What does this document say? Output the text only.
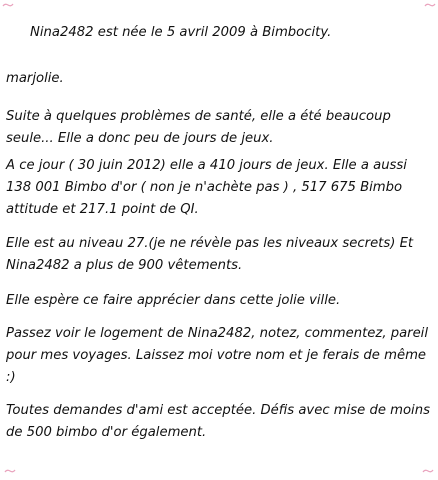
Nina2482 est née le 5 avril 2009 à Bimbocity.
marjolie.
Suite à quelques problèmes de santé, elle a été beaucoup seule... Elle a donc peu de jours de jeux.
A ce jour ( 30 juin 2012) elle a 410 jours de jeux. Elle a aussi 138 001 Bimbo d'or ( non je n'achète pas ) , 517 675 Bimbo attitude et 217.1 point de QI.
Elle est au niveau 27.(je ne révèle pas les niveaux secrets) Et Nina2482 a plus de 900 vêtements.
Elle espère ce faire apprécier dans cette jolie ville.
Passez voir le logement de Nina2482, notez, commentez, pareil pour mes voyages. Laissez moi votre nom et je ferais de même :)
Toutes demandes d'ami est acceptée. Défis avec mise de moins de 500 bimbo d'or également.
